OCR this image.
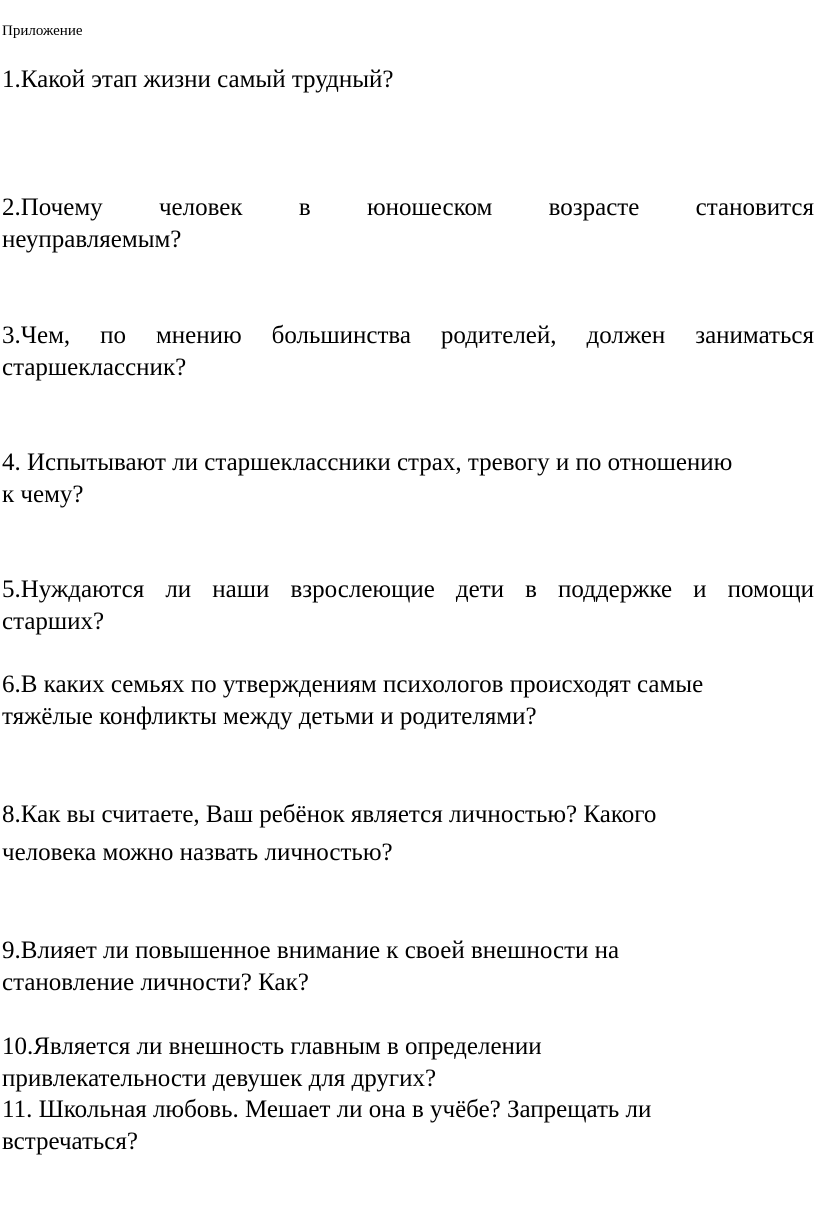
Приложение
1.Какой этап жизни самый трудный?
2.Почему человек в юношеском возрасте становится
неуправляемым?
3.Чем, по мнению большинства родителей, должен заниматься
старшеклассник?
4. Испытывают ли старшеклассники страх, тревогу и по отношению
к чему?
5.Нуждаются ли наши взрослеющие дети в поддержке и помощи
старших?
6.В каких семьях по утверждениям психологов происходят самые
тяжёлые конфликты между детьми и родителями?
8.Как вы считаете, Ваш ребёнок является личностью? Какого
человека можно назвать личностью?
9.Влияет ли повышенное внимание к своей внешности на
становление личности? Как?
10.Является ли внешность главным в определении
привлекательности девушек для других?
11. Школьная любовь. Мешает ли она в учёбе? Запрещать ли
встречаться?
